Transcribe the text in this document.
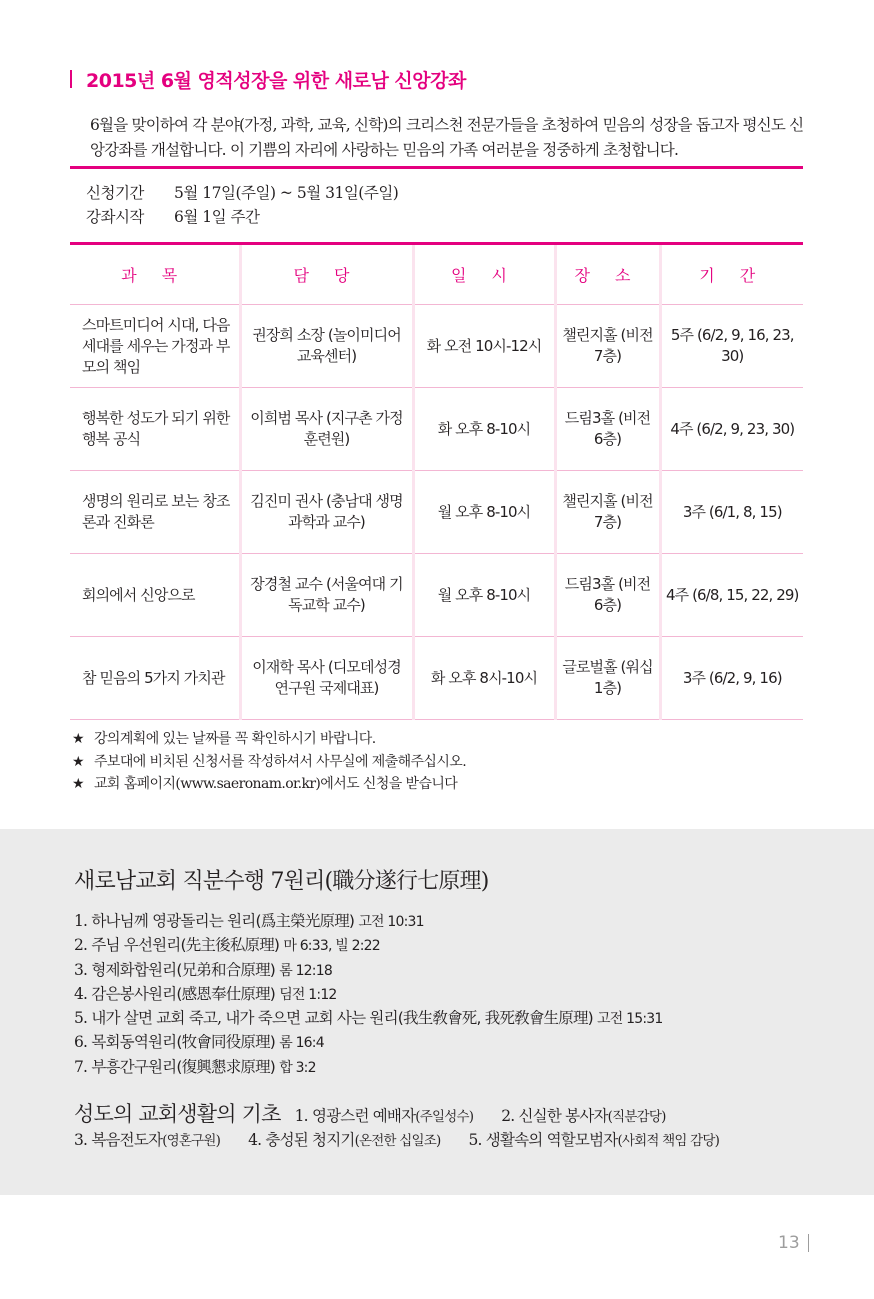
2015년 6월 영적성장을 위한 새로남 신앙강좌
6월을 맞이하여 각 분야(가정, 과학, 교육, 신학)의 크리스천 전문가들을 초청하여 믿음의 성장을 돕고자 평신도 신앙강좌를 개설합니다. 이 기쁨의 자리에 사랑하는 믿음의 가족 여러분을 정중하게 초청합니다.
신청기간	5월 17일(주일) ~ 5월 31일(주일)
강좌시작	6월 1일 주간
과 목	담 당	일 시	장 소	기 간
스마트미디어 시대, 다음세대를 세우는 가정과 부모의 책임	권장희 소장 (놀이미디어 교육센터)	화 오전 10시-12시	챌린지홀 (비전7층)	5주 (6/2, 9, 16, 23, 30)
행복한 성도가 되기 위한 행복 공식	이희범 목사 (지구촌 가정 훈련원)	화 오후 8-10시	드림3홀 (비전6층)	4주 (6/2, 9, 23, 30)
생명의 원리로 보는 창조론과 진화론	김진미 권사 (충남대 생명과학과 교수)	월 오후 8-10시	챌린지홀 (비전7층)	3주 (6/1, 8, 15)
회의에서 신앙으로	장경철 교수 (서울여대 기독교학 교수)	월 오후 8-10시	드림3홀 (비전6층)	4주 (6/8, 15, 22, 29)
참 믿음의 5가지 가치관	이재학 목사 (디모데성경연구원 국제대표)	화 오후 8시-10시	글로벌홀 (워십1층)	3주 (6/2, 9, 16)
★ 강의계획에 있는 날짜를 꼭 확인하시기 바랍니다.
★ 주보대에 비치된 신청서를 작성하셔서 사무실에 제출해주십시오.
★ 교회 홈페이지(www.saeronam.or.kr)에서도 신청을 받습니다
새로남교회 직분수행 7원리(職分遂行七原理)
1. 하나님께 영광돌리는 원리(爲主榮光原理) 고전 10:31
2. 주님 우선원리(先主後私原理) 마 6:33, 빌 2:22
3. 형제화합원리(兄弟和合原理) 롬 12:18
4. 감은봉사원리(感恩奉仕原理) 딤전 1:12
5. 내가 살면 교회 죽고, 내가 죽으면 교회 사는 원리(我生敎會死, 我死敎會生原理) 고전 15:31
6. 목회동역원리(牧會同役原理) 롬 16:4
7. 부흥간구원리(復興懇求原理) 합 3:2
성도의 교회생활의 기초 1. 영광스런 예배자(주일성수) 2. 신실한 봉사자(직분감당)
3. 복음전도자(영혼구원) 4. 충성된 청지기(온전한 십일조) 5. 생활속의 역할모범자(사회적 책임 감당)
13
